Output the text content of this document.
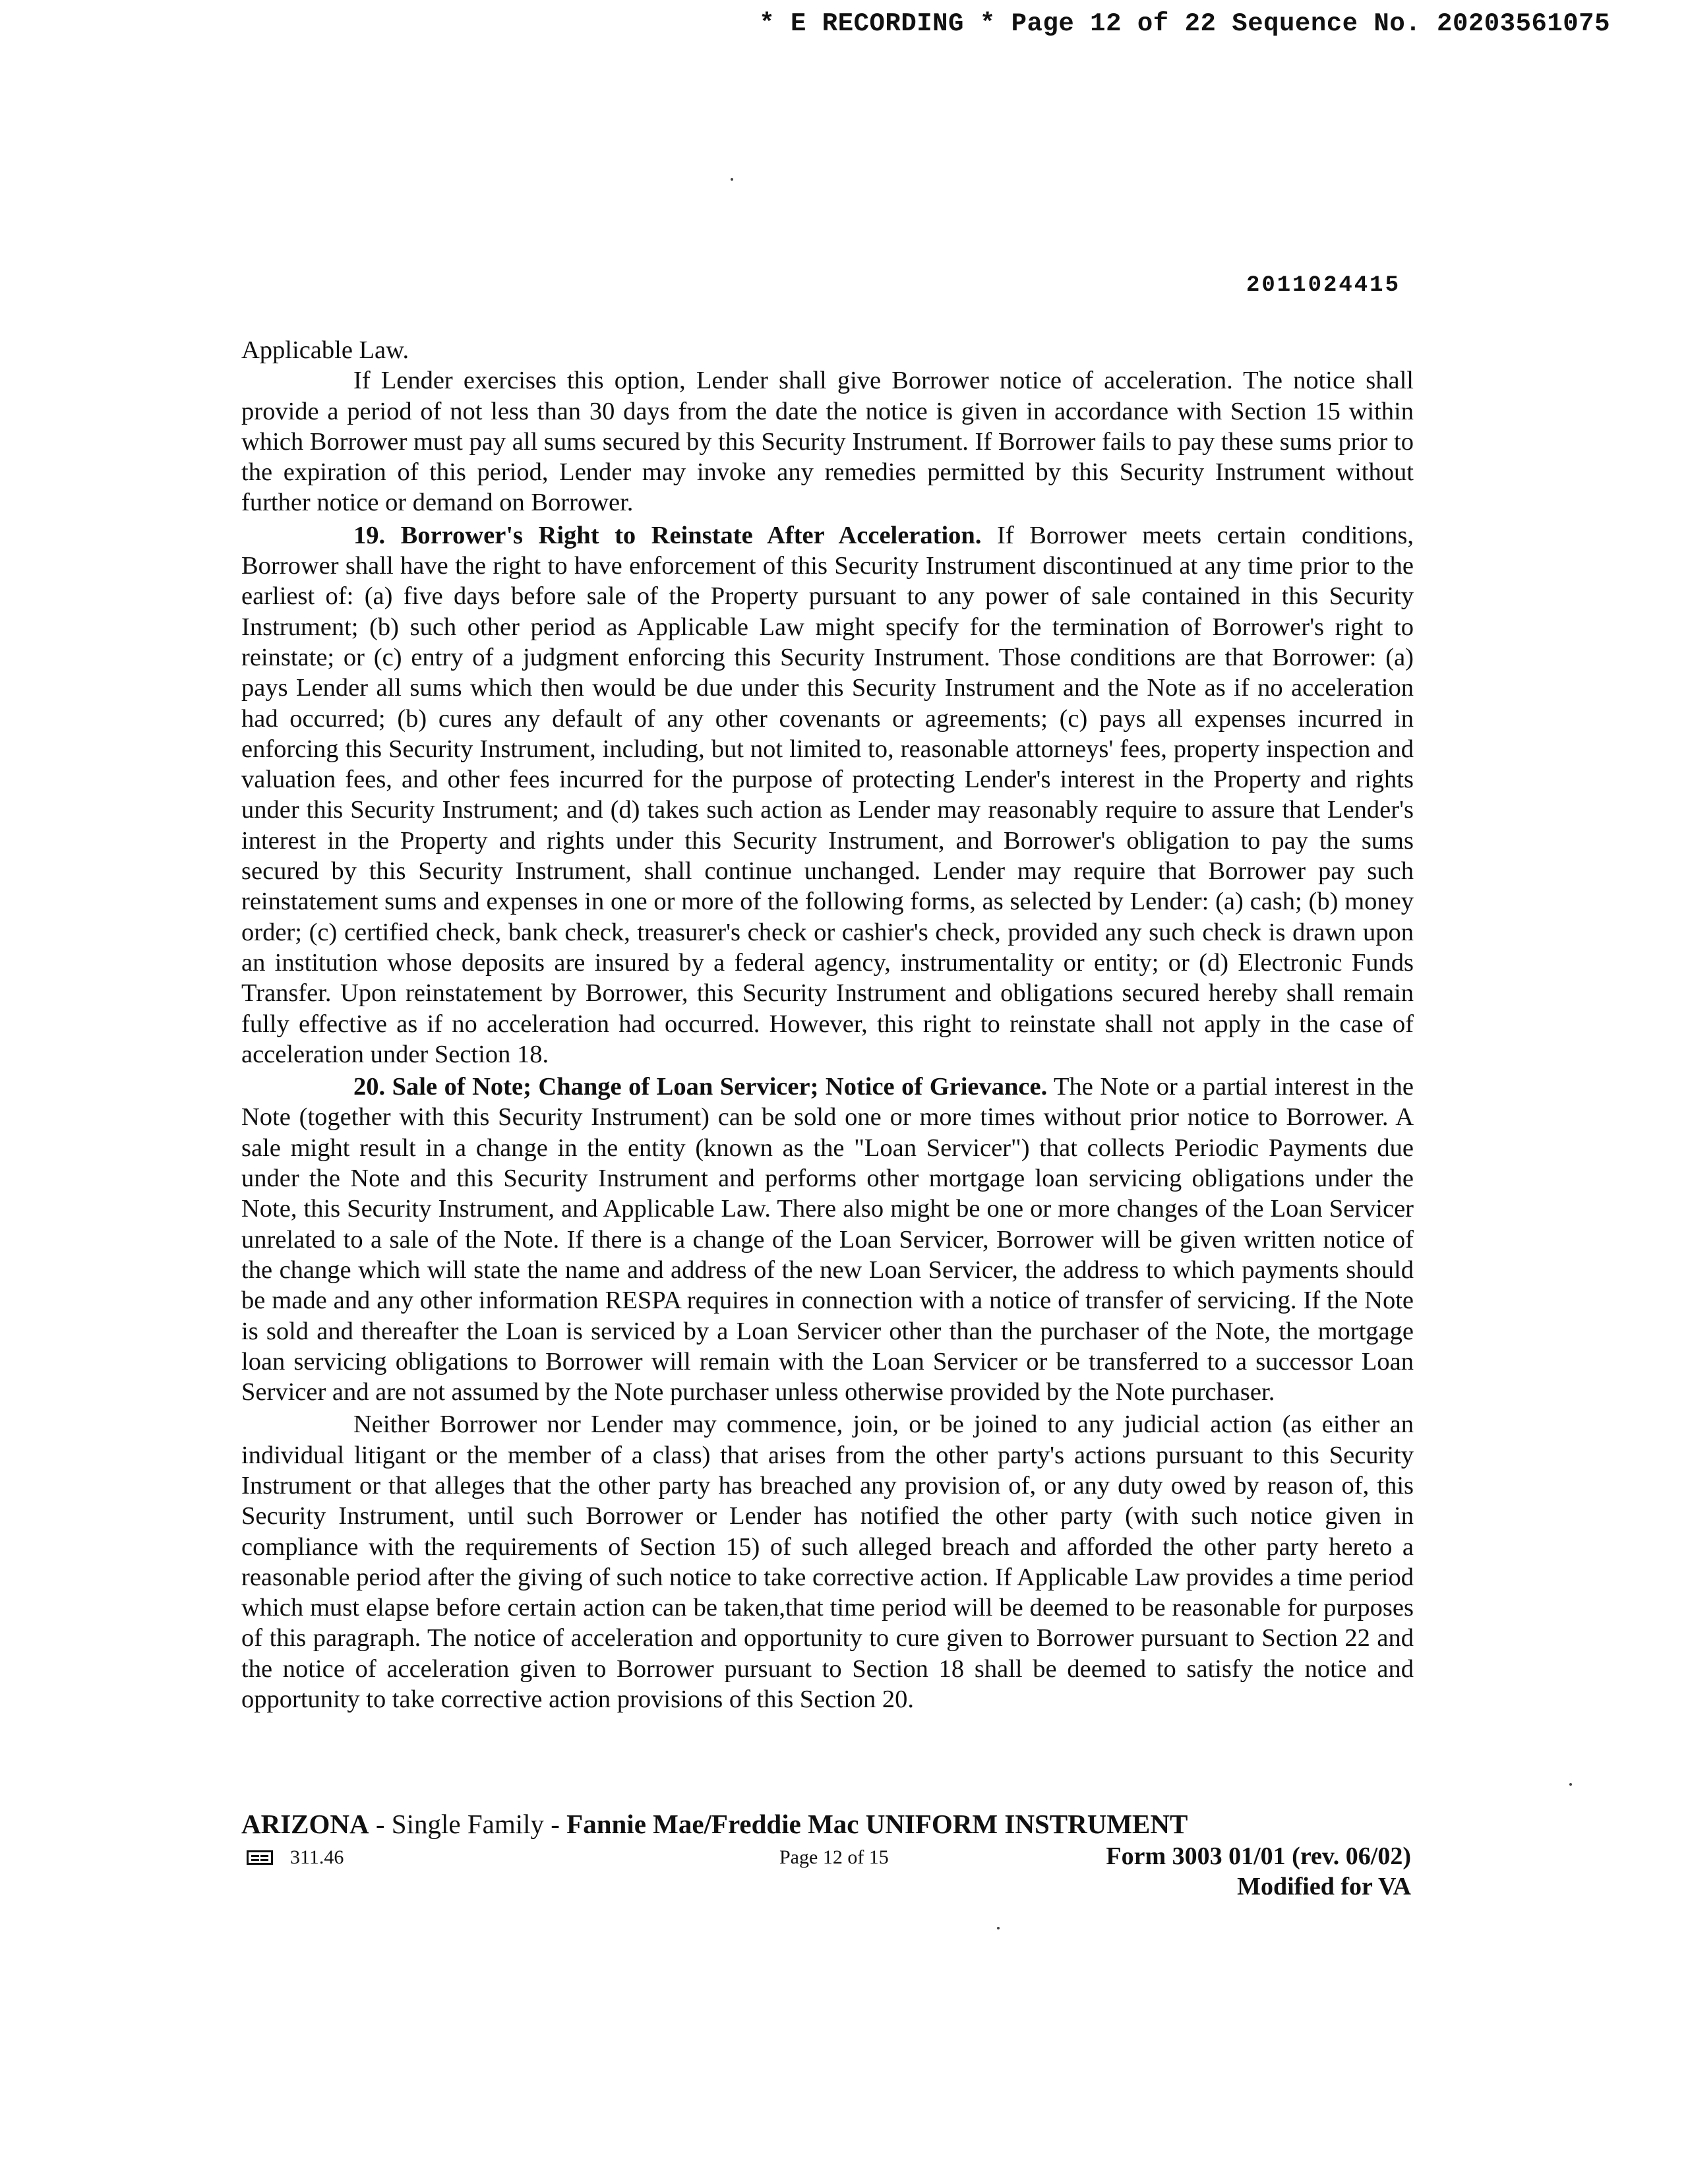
* E RECORDING * Page 12 of 22 Sequence No. 20203561075
2011024415

Applicable Law.

If Lender exercises this option, Lender shall give Borrower notice of acceleration. The notice shall provide a period of not less than 30 days from the date the notice is given in accordance with Section 15 within which Borrower must pay all sums secured by this Security Instrument. If Borrower fails to pay these sums prior to the expiration of this period, Lender may invoke any remedies permitted by this Security Instrument without further notice or demand on Borrower.

19. Borrower's Right to Reinstate After Acceleration. If Borrower meets certain conditions, Borrower shall have the right to have enforcement of this Security Instrument discontinued at any time prior to the earliest of: (a) five days before sale of the Property pursuant to any power of sale contained in this Security Instrument; (b) such other period as Applicable Law might specify for the termination of Borrower's right to reinstate; or (c) entry of a judgment enforcing this Security Instrument. Those conditions are that Borrower: (a) pays Lender all sums which then would be due under this Security Instrument and the Note as if no acceleration had occurred; (b) cures any default of any other covenants or agreements; (c) pays all expenses incurred in enforcing this Security Instrument, including, but not limited to, reasonable attorneys' fees, property inspection and valuation fees, and other fees incurred for the purpose of protecting Lender's interest in the Property and rights under this Security Instrument; and (d) takes such action as Lender may reasonably require to assure that Lender's interest in the Property and rights under this Security Instrument, and Borrower's obligation to pay the sums secured by this Security Instrument, shall continue unchanged. Lender may require that Borrower pay such reinstatement sums and expenses in one or more of the following forms, as selected by Lender: (a) cash; (b) money order; (c) certified check, bank check, treasurer's check or cashier's check, provided any such check is drawn upon an institution whose deposits are insured by a federal agency, instrumentality or entity; or (d) Electronic Funds Transfer. Upon reinstatement by Borrower, this Security Instrument and obligations secured hereby shall remain fully effective as if no acceleration had occurred. However, this right to reinstate shall not apply in the case of acceleration under Section 18.

20. Sale of Note; Change of Loan Servicer; Notice of Grievance. The Note or a partial interest in the Note (together with this Security Instrument) can be sold one or more times without prior notice to Borrower. A sale might result in a change in the entity (known as the "Loan Servicer") that collects Periodic Payments due under the Note and this Security Instrument and performs other mortgage loan servicing obligations under the Note, this Security Instrument, and Applicable Law. There also might be one or more changes of the Loan Servicer unrelated to a sale of the Note. If there is a change of the Loan Servicer, Borrower will be given written notice of the change which will state the name and address of the new Loan Servicer, the address to which payments should be made and any other information RESPA requires in connection with a notice of transfer of servicing. If the Note is sold and thereafter the Loan is serviced by a Loan Servicer other than the purchaser of the Note, the mortgage loan servicing obligations to Borrower will remain with the Loan Servicer or be transferred to a successor Loan Servicer and are not assumed by the Note purchaser unless otherwise provided by the Note purchaser.

Neither Borrower nor Lender may commence, join, or be joined to any judicial action (as either an individual litigant or the member of a class) that arises from the other party's actions pursuant to this Security Instrument or that alleges that the other party has breached any provision of, or any duty owed by reason of, this Security Instrument, until such Borrower or Lender has notified the other party (with such notice given in compliance with the requirements of Section 15) of such alleged breach and afforded the other party hereto a reasonable period after the giving of such notice to take corrective action. If Applicable Law provides a time period which must elapse before certain action can be taken,that time period will be deemed to be reasonable for purposes of this paragraph. The notice of acceleration and opportunity to cure given to Borrower pursuant to Section 22 and the notice of acceleration given to Borrower pursuant to Section 18 shall be deemed to satisfy the notice and opportunity to take corrective action provisions of this Section 20.

ARIZONA - Single Family - Fannie Mae/Freddie Mac UNIFORM INSTRUMENT
311.46	Page 12 of 15	Form 3003 01/01 (rev. 06/02)
Modified for VA
